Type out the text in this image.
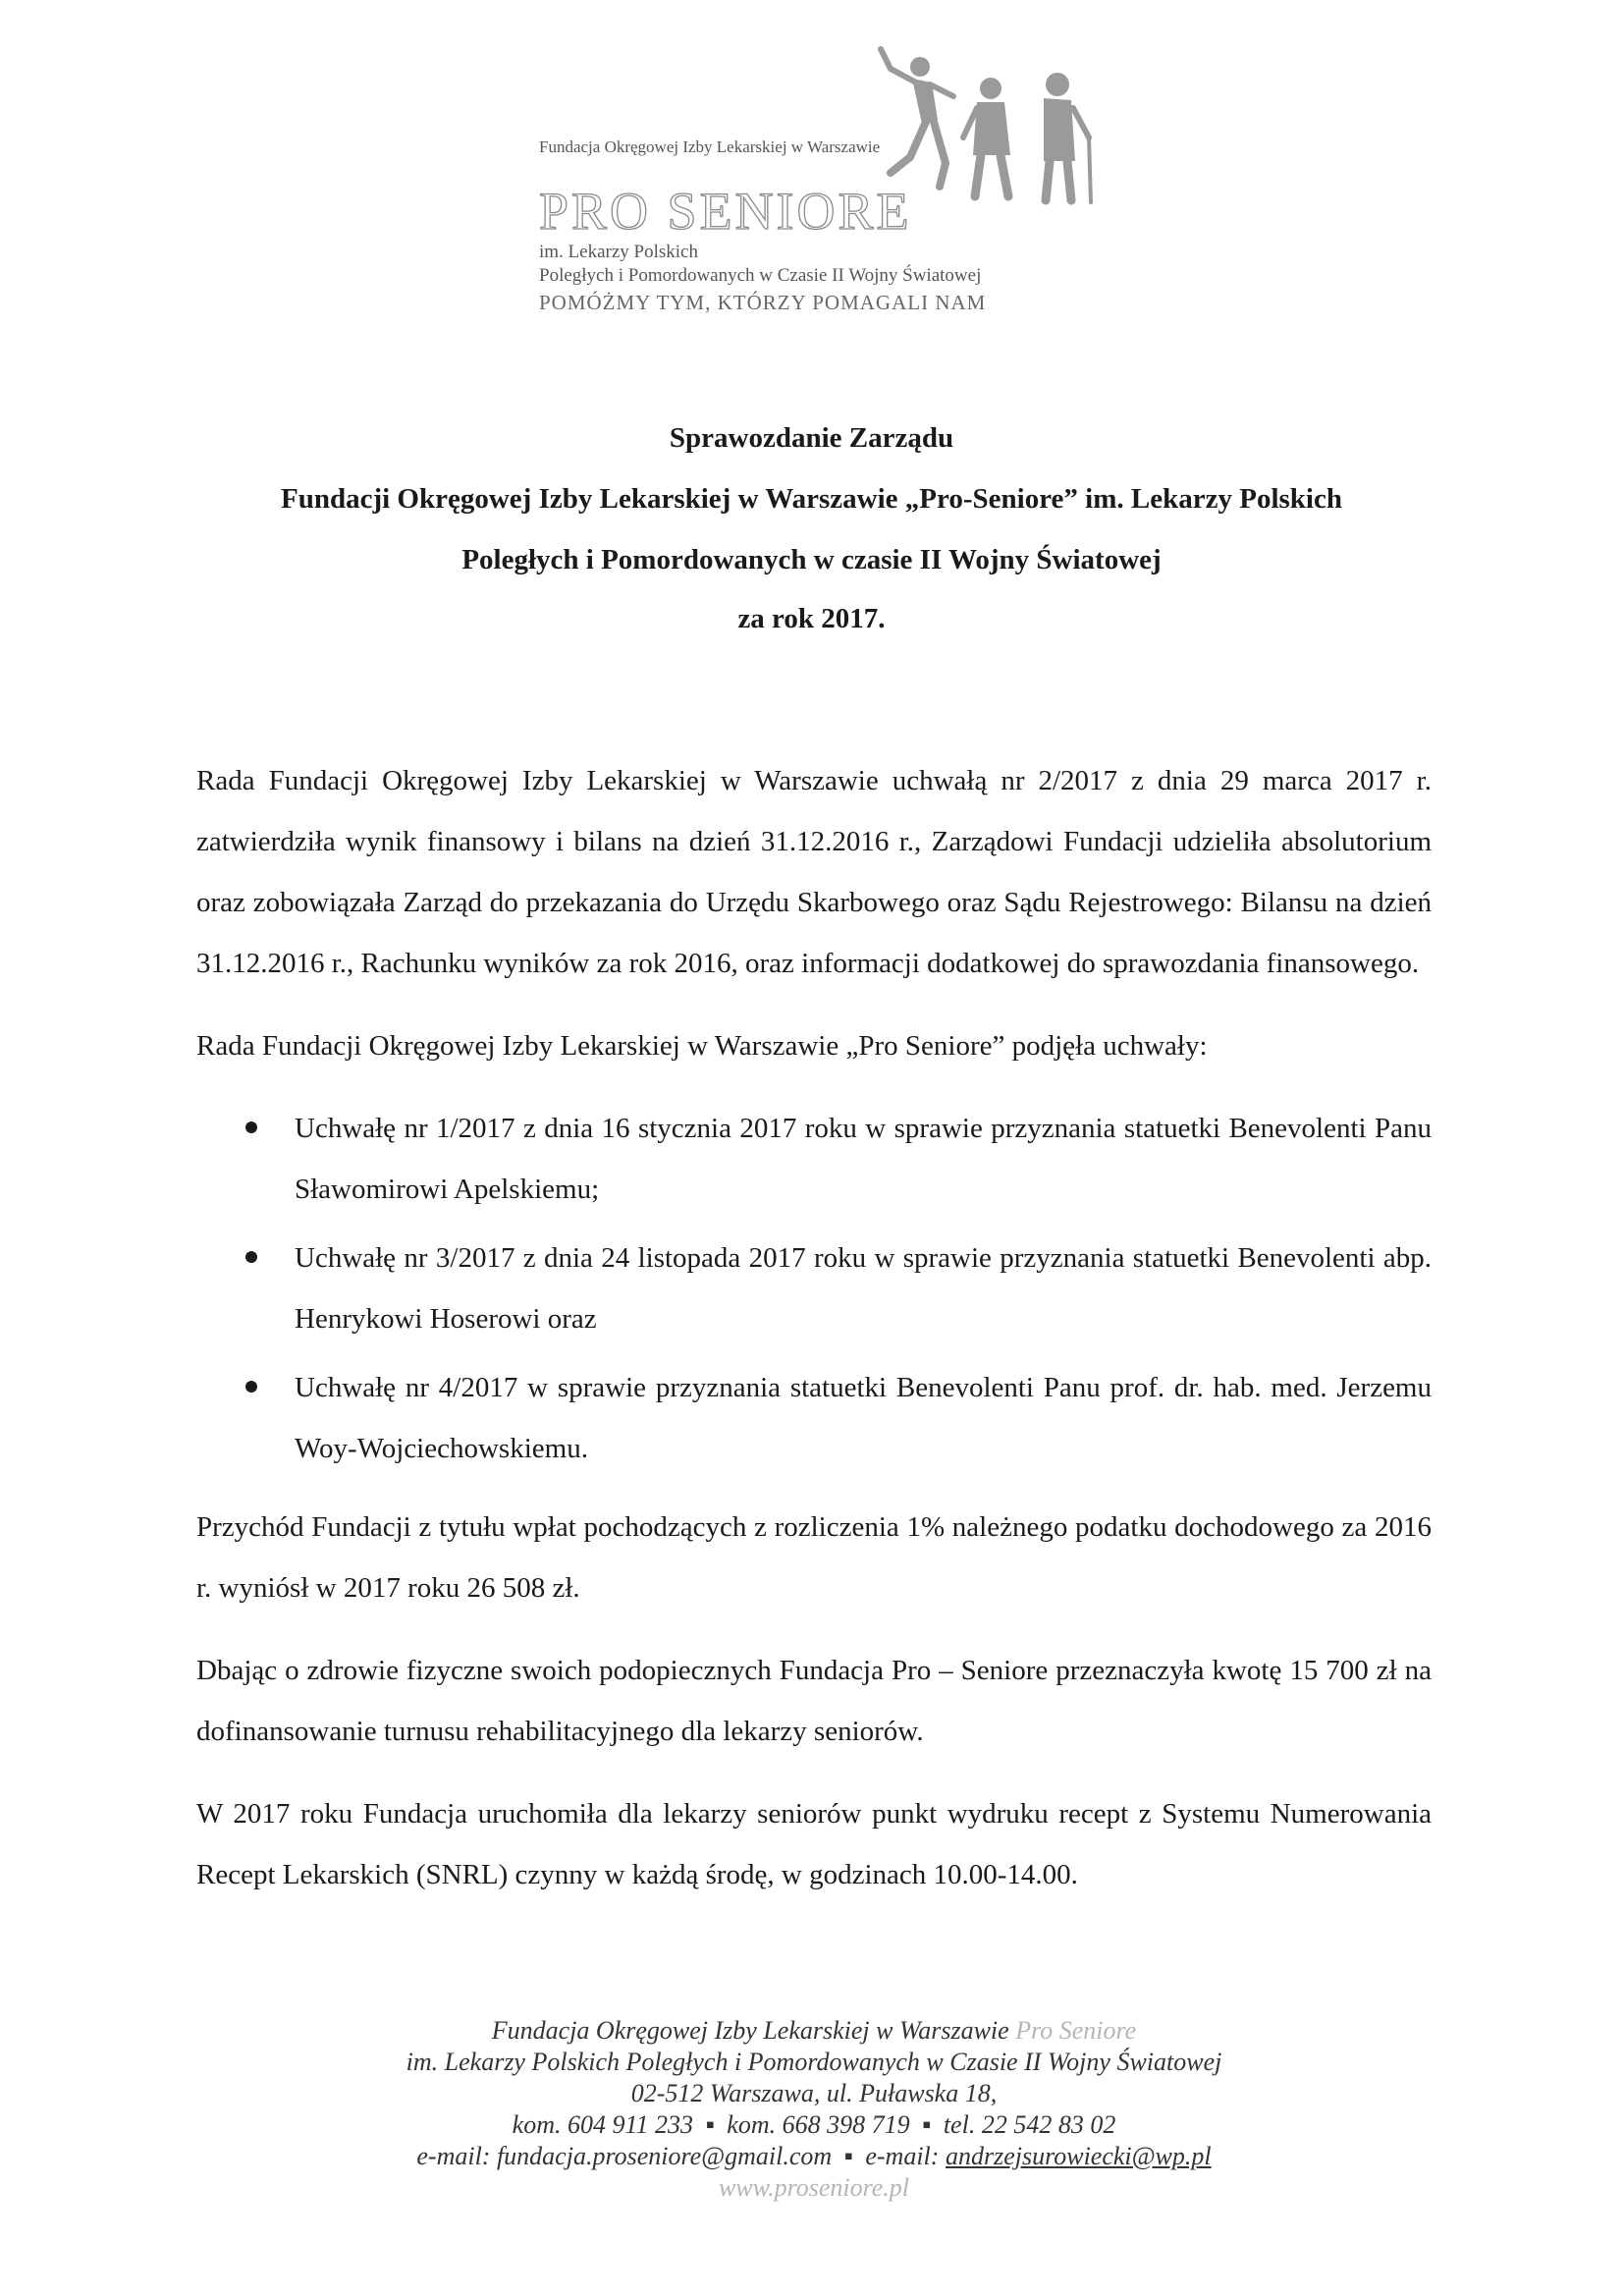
Fundacja Okręgowej Izby Lekarskiej w Warszawie
PRO SENIORE
im. Lekarzy Polskich
Poległych i Pomordowanych w Czasie II Wojny Światowej
POMÓŻMY TYM, KTÓRZY POMAGALI NAM
Sprawozdanie Zarządu
Fundacji Okręgowej Izby Lekarskiej w Warszawie „Pro-Seniore” im. Lekarzy Polskich
Poległych i Pomordowanych w czasie II Wojny Światowej
za rok 2017.

Rada Fundacji Okręgowej Izby Lekarskiej w Warszawie uchwałą nr 2/2017 z dnia 29 marca 2017 r. zatwierdziła wynik finansowy i bilans na dzień 31.12.2016 r., Zarządowi Fundacji udzieliła absolutorium oraz zobowiązała Zarząd do przekazania do Urzędu Skarbowego oraz Sądu Rejestrowego: Bilansu na dzień 31.12.2016 r., Rachunku wyników za rok 2016, oraz informacji dodatkowej do sprawozdania finansowego.

Rada Fundacji Okręgowej Izby Lekarskiej w Warszawie „Pro Seniore” podjęła uchwały:

Uchwałę nr 1/2017 z dnia 16 stycznia 2017 roku w sprawie przyznania statuetki Benevolenti Panu Sławomirowi Apelskiemu;
Uchwałę nr 3/2017 z dnia 24 listopada 2017 roku w sprawie przyznania statuetki Benevolenti abp. Henrykowi Hoserowi oraz
Uchwałę nr 4/2017 w sprawie przyznania statuetki Benevolenti Panu prof. dr. hab. med. Jerzemu Woy-Wojciechowskiemu.

Przychód Fundacji z tytułu wpłat pochodzących z rozliczenia 1% należnego podatku dochodowego za 2016 r. wyniósł w 2017 roku 26 508 zł.

Dbając o zdrowie fizyczne swoich podopiecznych Fundacja Pro – Seniore przeznaczyła kwotę 15 700 zł na dofinansowanie turnusu rehabilitacyjnego dla lekarzy seniorów.

W 2017 roku Fundacja uruchomiła dla lekarzy seniorów punkt wydruku recept z Systemu Numerowania Recept Lekarskich (SNRL) czynny w każdą środę, w godzinach 10.00-14.00.

Fundacja Okręgowej Izby Lekarskiej w Warszawie Pro Seniore
im. Lekarzy Polskich Poległych i Pomordowanych w Czasie II Wojny Światowej
02-512 Warszawa, ul. Puławska 18,
kom. 604 911 233 ▪ kom. 668 398 719 ▪ tel. 22 542 83 02
e-mail: fundacja.proseniore@gmail.com ▪ e-mail: andrzejsurowiecki@wp.pl
www.proseniore.pl
